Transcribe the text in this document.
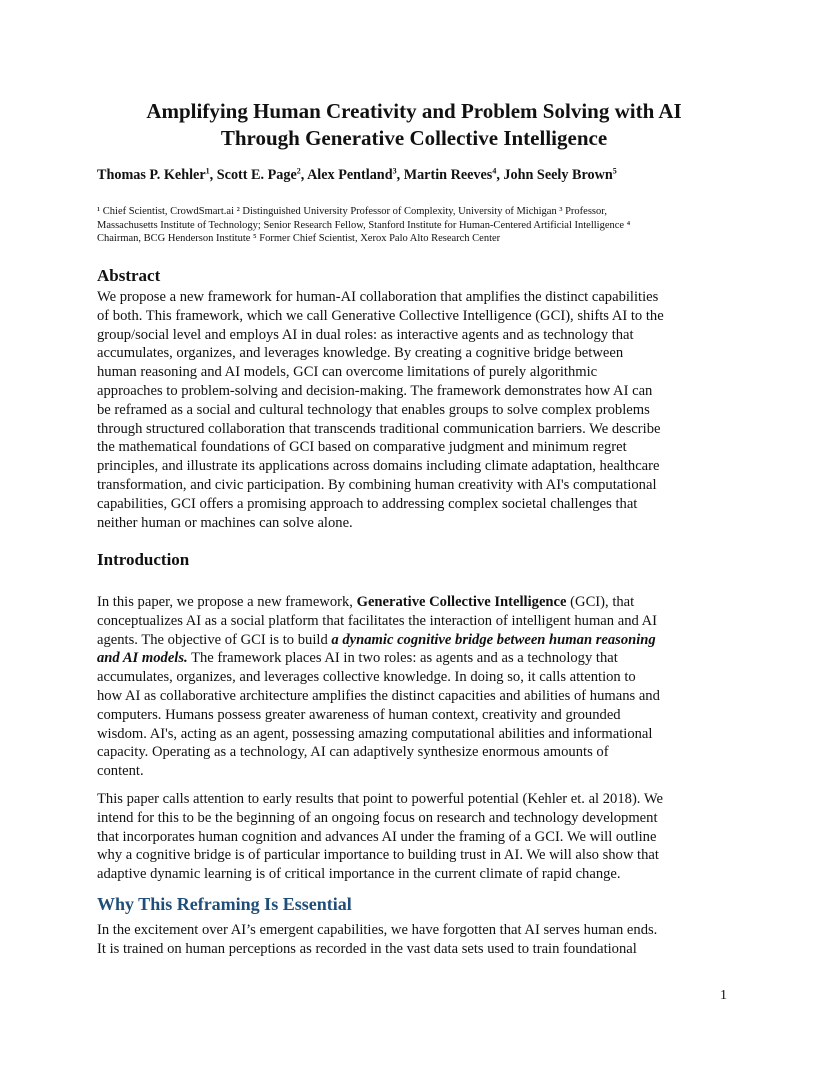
Amplifying Human Creativity and Problem Solving with AI
Through Generative Collective Intelligence

Thomas P. Kehler$^1$, Scott E. Page$^2$, Alex Pentland$^3$, Martin Reeves$^4$, John Seely Brown$^5$

¹ Chief Scientist, CrowdSmart.ai ² Distinguished University Professor of Complexity, University of Michigan ³ Professor,
Massachusetts Institute of Technology; Senior Research Fellow, Stanford Institute for Human-Centered Artificial Intelligence ⁴
Chairman, BCG Henderson Institute ⁵ Former Chief Scientist, Xerox Palo Alto Research Center

Abstract

We propose a new framework for human-AI collaboration that amplifies the distinct capabilities
of both. This framework, which we call Generative Collective Intelligence (GCI), shifts AI to the
group/social level and employs AI in dual roles: as interactive agents and as technology that
accumulates, organizes, and leverages knowledge. By creating a cognitive bridge between
human reasoning and AI models, GCI can overcome limitations of purely algorithmic
approaches to problem-solving and decision-making. The framework demonstrates how AI can
be reframed as a social and cultural technology that enables groups to solve complex problems
through structured collaboration that transcends traditional communication barriers. We describe
the mathematical foundations of GCI based on comparative judgment and minimum regret
principles, and illustrate its applications across domains including climate adaptation, healthcare
transformation, and civic participation. By combining human creativity with AI's computational
capabilities, GCI offers a promising approach to addressing complex societal challenges that
neither human or machines can solve alone.

Introduction

In this paper, we propose a new framework, Generative Collective Intelligence (GCI), that
conceptualizes AI as a social platform that facilitates the interaction of intelligent human and AI
agents. The objective of GCI is to build a dynamic cognitive bridge between human reasoning
and AI models. The framework places AI in two roles: as agents and as a technology that
accumulates, organizes, and leverages collective knowledge. In doing so, it calls attention to
how AI as collaborative architecture amplifies the distinct capacities and abilities of humans and
computers. Humans possess greater awareness of human context, creativity and grounded
wisdom. AI's, acting as an agent, possessing amazing computational abilities and informational
capacity. Operating as a technology, AI can adaptively synthesize enormous amounts of
content.

This paper calls attention to early results that point to powerful potential (Kehler et. al 2018). We
intend for this to be the beginning of an ongoing focus on research and technology development
that incorporates human cognition and advances AI under the framing of a GCI. We will outline
why a cognitive bridge is of particular importance to building trust in AI. We will also show that
adaptive dynamic learning is of critical importance in the current climate of rapid change.

Why This Reframing Is Essential

In the excitement over AI’s emergent capabilities, we have forgotten that AI serves human ends.
It is trained on human perceptions as recorded in the vast data sets used to train foundational

1
